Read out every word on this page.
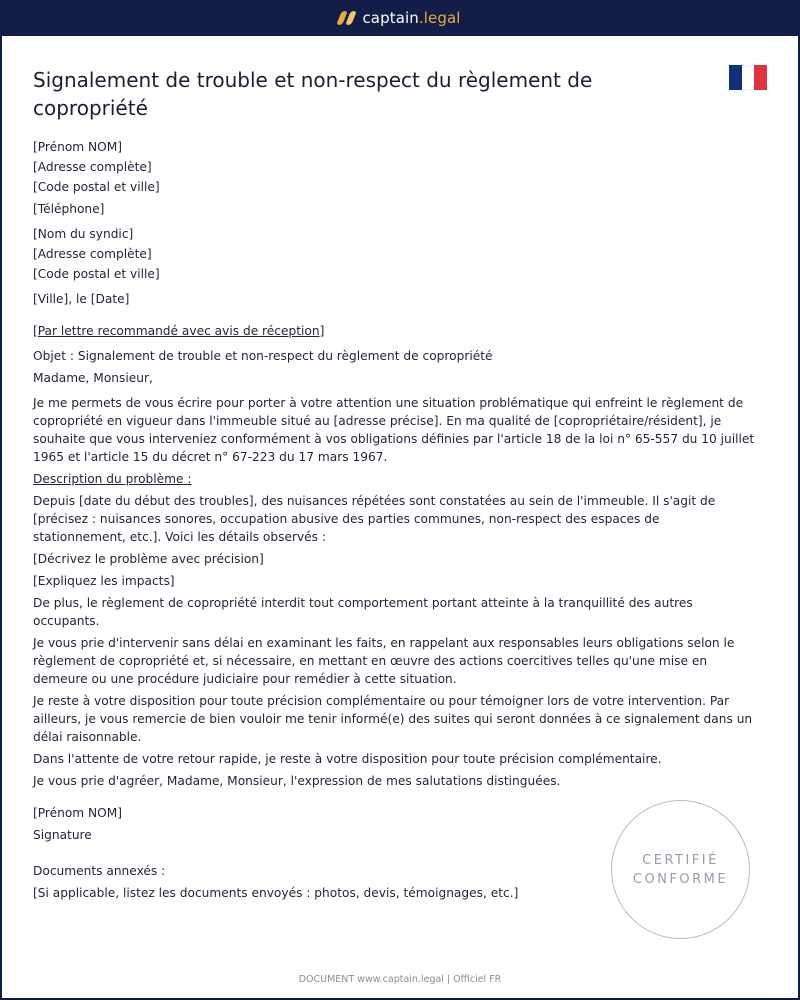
captain.legal
Signalement de trouble et non-respect du règlement de copropriété
[Prénom NOM]
[Adresse complète]
[Code postal et ville]
[Téléphone]
[Nom du syndic]
[Adresse complète]
[Code postal et ville]
[Ville], le [Date]
[Par lettre recommandé avec avis de réception]
Objet : Signalement de trouble et non-respect du règlement de copropriété
Madame, Monsieur,
Je me permets de vous écrire pour porter à votre attention une situation problématique qui enfreint le règlement de copropriété en vigueur dans l'immeuble situé au [adresse précise]. En ma qualité de [copropriétaire/résident], je souhaite que vous interveniez conformément à vos obligations définies par l'article 18 de la loi n° 65-557 du 10 juillet 1965 et l'article 15 du décret n° 67-223 du 17 mars 1967.
Description du problème :
Depuis [date du début des troubles], des nuisances répétées sont constatées au sein de l'immeuble. Il s'agit de [précisez : nuisances sonores, occupation abusive des parties communes, non-respect des espaces de stationnement, etc.]. Voici les détails observés :
[Décrivez le problème avec précision]
[Expliquez les impacts]
De plus, le règlement de copropriété interdit tout comportement portant atteinte à la tranquillité des autres occupants.
Je vous prie d'intervenir sans délai en examinant les faits, en rappelant aux responsables leurs obligations selon le règlement de copropriété et, si nécessaire, en mettant en œuvre des actions coercitives telles qu'une mise en demeure ou une procédure judiciaire pour remédier à cette situation.
Je reste à votre disposition pour toute précision complémentaire ou pour témoigner lors de votre intervention. Par ailleurs, je vous remercie de bien vouloir me tenir informé(e) des suites qui seront données à ce signalement dans un délai raisonnable.
Dans l'attente de votre retour rapide, je reste à votre disposition pour toute précision complémentaire.
Je vous prie d'agréer, Madame, Monsieur, l'expression de mes salutations distinguées.
[Prénom NOM]
Signature
Documents annexés :
[Si applicable, listez les documents envoyés : photos, devis, témoignages, etc.]
CERTIFIÉ
CONFORME
DOCUMENT www.captain.legal | Officiel FR
